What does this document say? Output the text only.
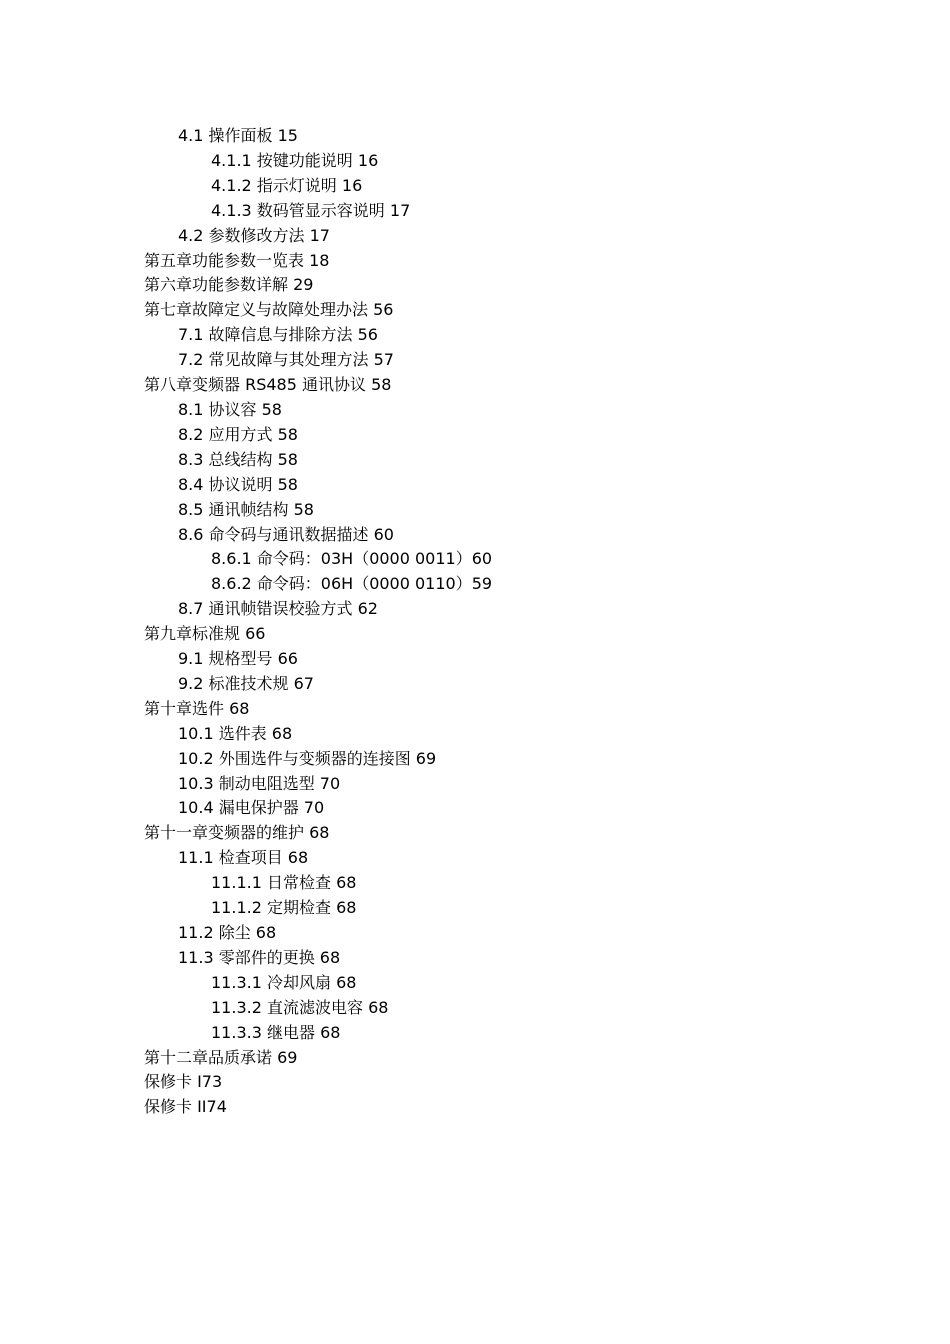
4.1 操作面板 15
4.1.1 按键功能说明 16
4.1.2 指示灯说明 16
4.1.3 数码管显示容说明 17
4.2 参数修改方法 17
第五章功能参数一览表 18
第六章功能参数详解 29
第七章故障定义与故障处理办法 56
7.1 故障信息与排除方法 56
7.2 常见故障与其处理方法 57
第八章变频器 RS485 通讯协议 58
8.1 协议容 58
8.2 应用方式 58
8.3 总线结构 58
8.4 协议说明 58
8.5 通讯帧结构 58
8.6 命令码与通讯数据描述 60
8.6.1 命令码：03H（0000 0011）60
8.6.2 命令码：06H（0000 0110）59
8.7 通讯帧错误校验方式 62
第九章标准规 66
9.1 规格型号 66
9.2 标准技术规 67
第十章选件 68
10.1 选件表 68
10.2 外围选件与变频器的连接图 69
10.3 制动电阻选型 70
10.4 漏电保护器 70
第十一章变频器的维护 68
11.1 检查项目 68
11.1.1 日常检查 68
11.1.2 定期检查 68
11.2 除尘 68
11.3 零部件的更换 68
11.3.1 冷却风扇 68
11.3.2 直流滤波电容 68
11.3.3 继电器 68
第十二章品质承诺 69
保修卡 I73
保修卡 II74
